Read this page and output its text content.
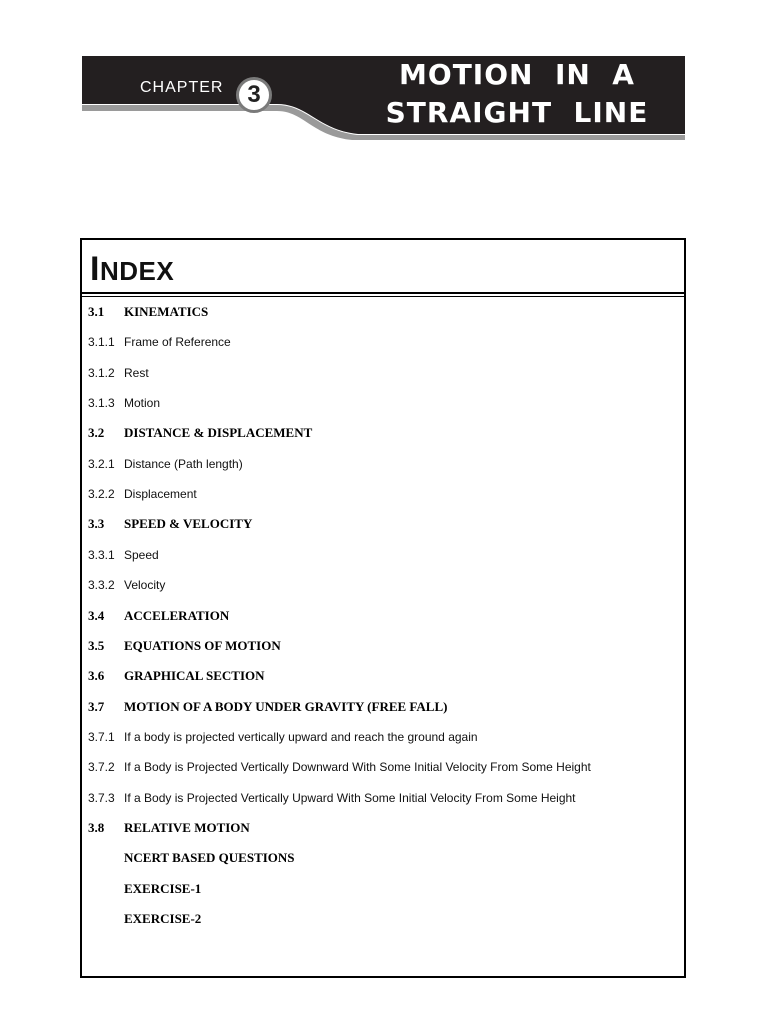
CHAPTER 3
MOTION  IN  A
STRAIGHT  LINE
INDEX
3.1	KINEMATICS
3.1.1 Frame of Reference
3.1.2 Rest
3.1.3 Motion
3.2	DISTANCE & DISPLACEMENT
3.2.1 Distance (Path length)
3.2.2 Displacement
3.3	SPEED & VELOCITY
3.3.1 Speed
3.3.2 Velocity
3.4	ACCELERATION
3.5	EQUATIONS OF MOTION
3.6	GRAPHICAL SECTION
3.7	MOTION OF A BODY UNDER GRAVITY (FREE FALL)
3.7.1 If a body is projected vertically upward and reach the ground again
3.7.2 If a Body is Projected Vertically Downward With Some Initial Velocity From Some Height
3.7.3 If a Body is Projected Vertically Upward With Some Initial Velocity From Some Height
3.8	RELATIVE MOTION
NCERT BASED QUESTIONS
EXERCISE-1
EXERCISE-2
